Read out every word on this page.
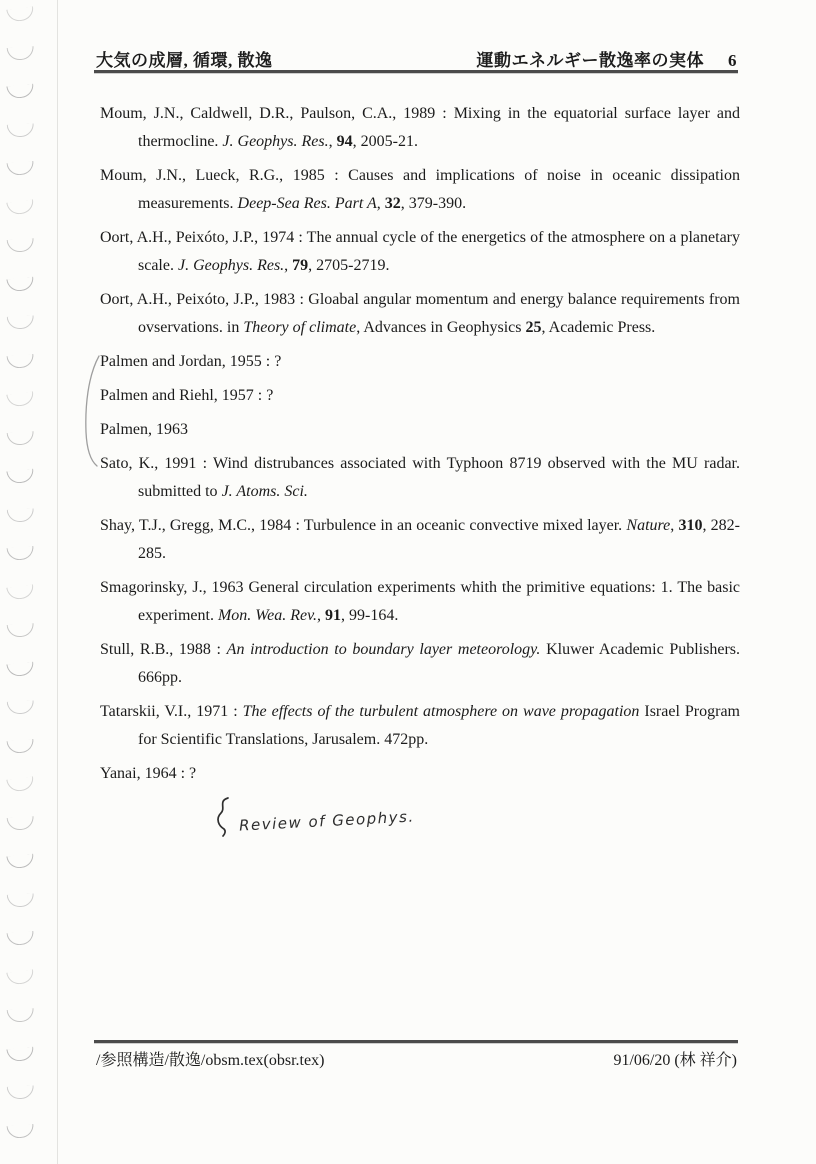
大気の成層, 循環, 散逸	運動エネルギー散逸率の実体 6

Moum, J.N., Caldwell, D.R., Paulson, C.A., 1989 : Mixing in the equatorial surface layer and thermocline. J. Geophys. Res., 94, 2005-21.

Moum, J.N., Lueck, R.G., 1985 : Causes and implications of noise in oceanic dissipation measurements. Deep-Sea Res. Part A, 32, 379-390.

Oort, A.H., Peixóto, J.P., 1974 : The annual cycle of the energetics of the atmosphere on a planetary scale. J. Geophys. Res., 79, 2705-2719.

Oort, A.H., Peixóto, J.P., 1983 : Gloabal angular momentum and energy balance requirements from ovservations. in Theory of climate, Advances in Geophysics 25, Academic Press.

Palmen and Jordan, 1955 : ?

Palmen and Riehl, 1957 : ?

Palmen, 1963

Sato, K., 1991 : Wind distrubances associated with Typhoon 8719 observed with the MU radar. submitted to J. Atoms. Sci.

Shay, T.J., Gregg, M.C., 1984 : Turbulence in an oceanic convective mixed layer. Nature, 310, 282-285.

Smagorinsky, J., 1963 General circulation experiments whith the primitive equations: 1. The basic experiment. Mon. Wea. Rev., 91, 99-164.

Stull, R.B., 1988 : An introduction to boundary layer meteorology. Kluwer Academic Publishers. 666pp.

Tatarskii, V.I., 1971 : The effects of the turbulent atmosphere on wave propagation Israel Program for Scientific Translations, Jarusalem. 472pp.

Yanai, 1964 : ?

Review of Geophys.
/参照構造/散逸/obsm.tex(obsr.tex)	91/06/20 (林 祥介)
